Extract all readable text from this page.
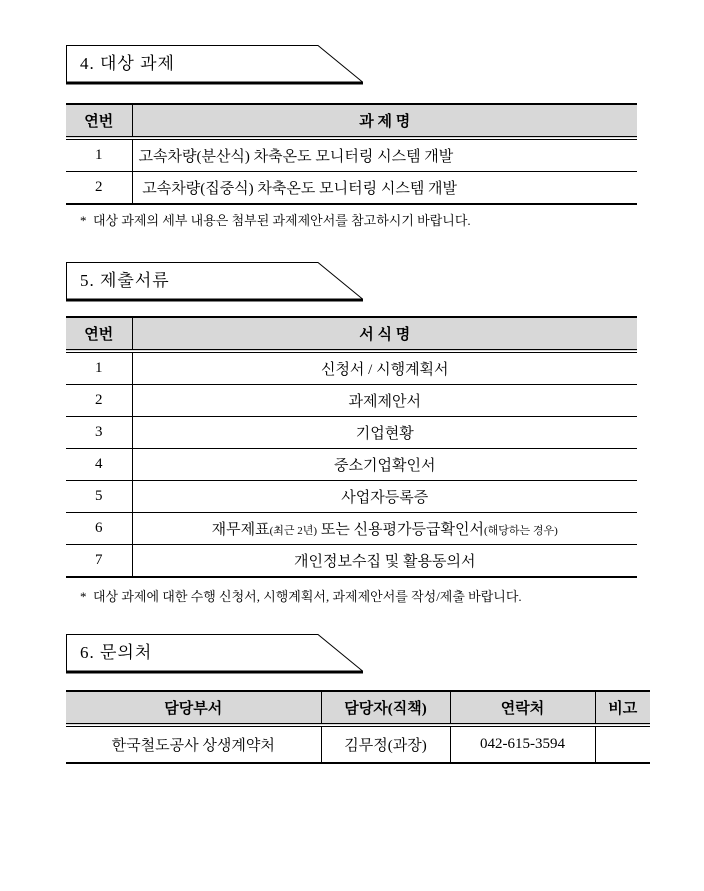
4. 대상 과제
연번	과 제 명
1	고속차량(분산식) 차축온도 모니터링 시스템 개발
2	고속차량(집중식) 차축온도 모니터링 시스템 개발
*  대상 과제의 세부 내용은 첨부된 과제제안서를 참고하시기 바랍니다.
5. 제출서류
연번	서 식 명
1	신청서 / 시행계획서
2	과제제안서
3	기업현황
4	중소기업확인서
5	사업자등록증
6	재무제표(최근 2년) 또는 신용평가등급확인서(해당하는 경우)
7	개인정보수집 및 활용동의서
*  대상 과제에 대한 수행 신청서, 시행계획서, 과제제안서를 작성/제출 바랍니다.
6. 문의처
담당부서	담당자(직책)	연락처	비고
한국철도공사 상생계약처	김무정(과장)	042-615-3594	
